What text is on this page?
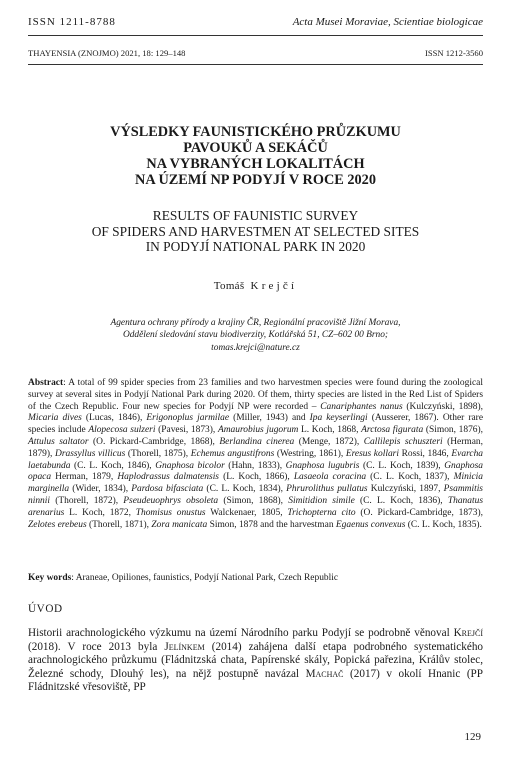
ISSN 1211-8788	Acta Musei Moraviae, Scientiae biologicae
THAYENSIA (ZNOJMO) 2021, 18: 129–148	ISSN 1212-3560
VÝSLEDKY FAUNISTICKÉHO PRŮZKUMU
PAVOUKŮ A SEKÁČŮ
NA VYBRANÝCH LOKALITÁCH
NA ÚZEMÍ NP PODYJÍ V ROCE 2020
RESULTS OF FAUNISTIC SURVEY
OF SPIDERS AND HARVESTMEN AT SELECTED SITES
IN PODYJÍ NATIONAL PARK IN 2020
Tomáš Krejčí
Agentura ochrany přírody a krajiny ČR, Regionální pracoviště Jižní Morava,
Oddělení sledování stavu biodiverzity, Kotlářská 51, CZ–602 00 Brno;
tomas.krejci@nature.cz
Abstract: A total of 99 spider species from 23 families and two harvestmen species were found during the zoological survey at several sites in Podyjí National Park during 2020. Of them, thirty species are listed in the Red List of Spiders of the Czech Republic. Four new species for Podyjí NP were recorded – Canariphantes nanus (Kulczyński, 1898), Micaria dives (Lucas, 1846), Erigonoplus jarmilae (Miller, 1943) and Ipa keyserlingi (Ausserer, 1867). Other rare species include Alopecosa sulzeri (Pavesi, 1873), Amaurobius jugorum L. Koch, 1868, Arctosa figurata (Simon, 1876), Attulus saltator (O. Pickard-Cambridge, 1868), Berlandina cinerea (Menge, 1872), Callilepis schuszteri (Herman, 1879), Drassyllus villicus (Thorell, 1875), Echemus angustifrons (Westring, 1861), Eresus kollari Rossi, 1846, Evarcha laetabunda (C. L. Koch, 1846), Gnaphosa bicolor (Hahn, 1833), Gnaphosa lugubris (C. L. Koch, 1839), Gnaphosa opaca Herman, 1879, Haplodrassus dalmatensis (L. Koch, 1866), Lasaeola coracina (C. L. Koch, 1837), Minicia marginella (Wider, 1834), Pardosa bifasciata (C. L. Koch, 1834), Phrurolithus pullatus Kulczyński, 1897, Psammitis ninnii (Thorell, 1872), Pseudeuophrys obsoleta (Simon, 1868), Simitidion simile (C. L. Koch, 1836), Thanatus arenarius L. Koch, 1872, Thomisus onustus Walckenaer, 1805, Trichopterna cito (O. Pickard-Cambridge, 1873), Zelotes erebeus (Thorell, 1871), Zora manicata Simon, 1878 and the harvestman Egaenus convexus (C. L. Koch, 1835).
Key words: Araneae, Opiliones, faunistics, Podyjí National Park, Czech Republic
ÚVOD
Historii arachnologického výzkumu na území Národního parku Podyjí se podrobně věnoval Krejčí (2018). V roce 2013 byla Jelínkem (2014) zahájena další etapa podrobného systematického arachnologického průzkumu (Fládnitzská chata, Papírenské skály, Popická pařezina, Králův stolec, Železné schody, Dlouhý les), na nějž postupně navázal Machač (2017) v okolí Hnanic (PP Fládnitzské vřesoviště, PP
129
